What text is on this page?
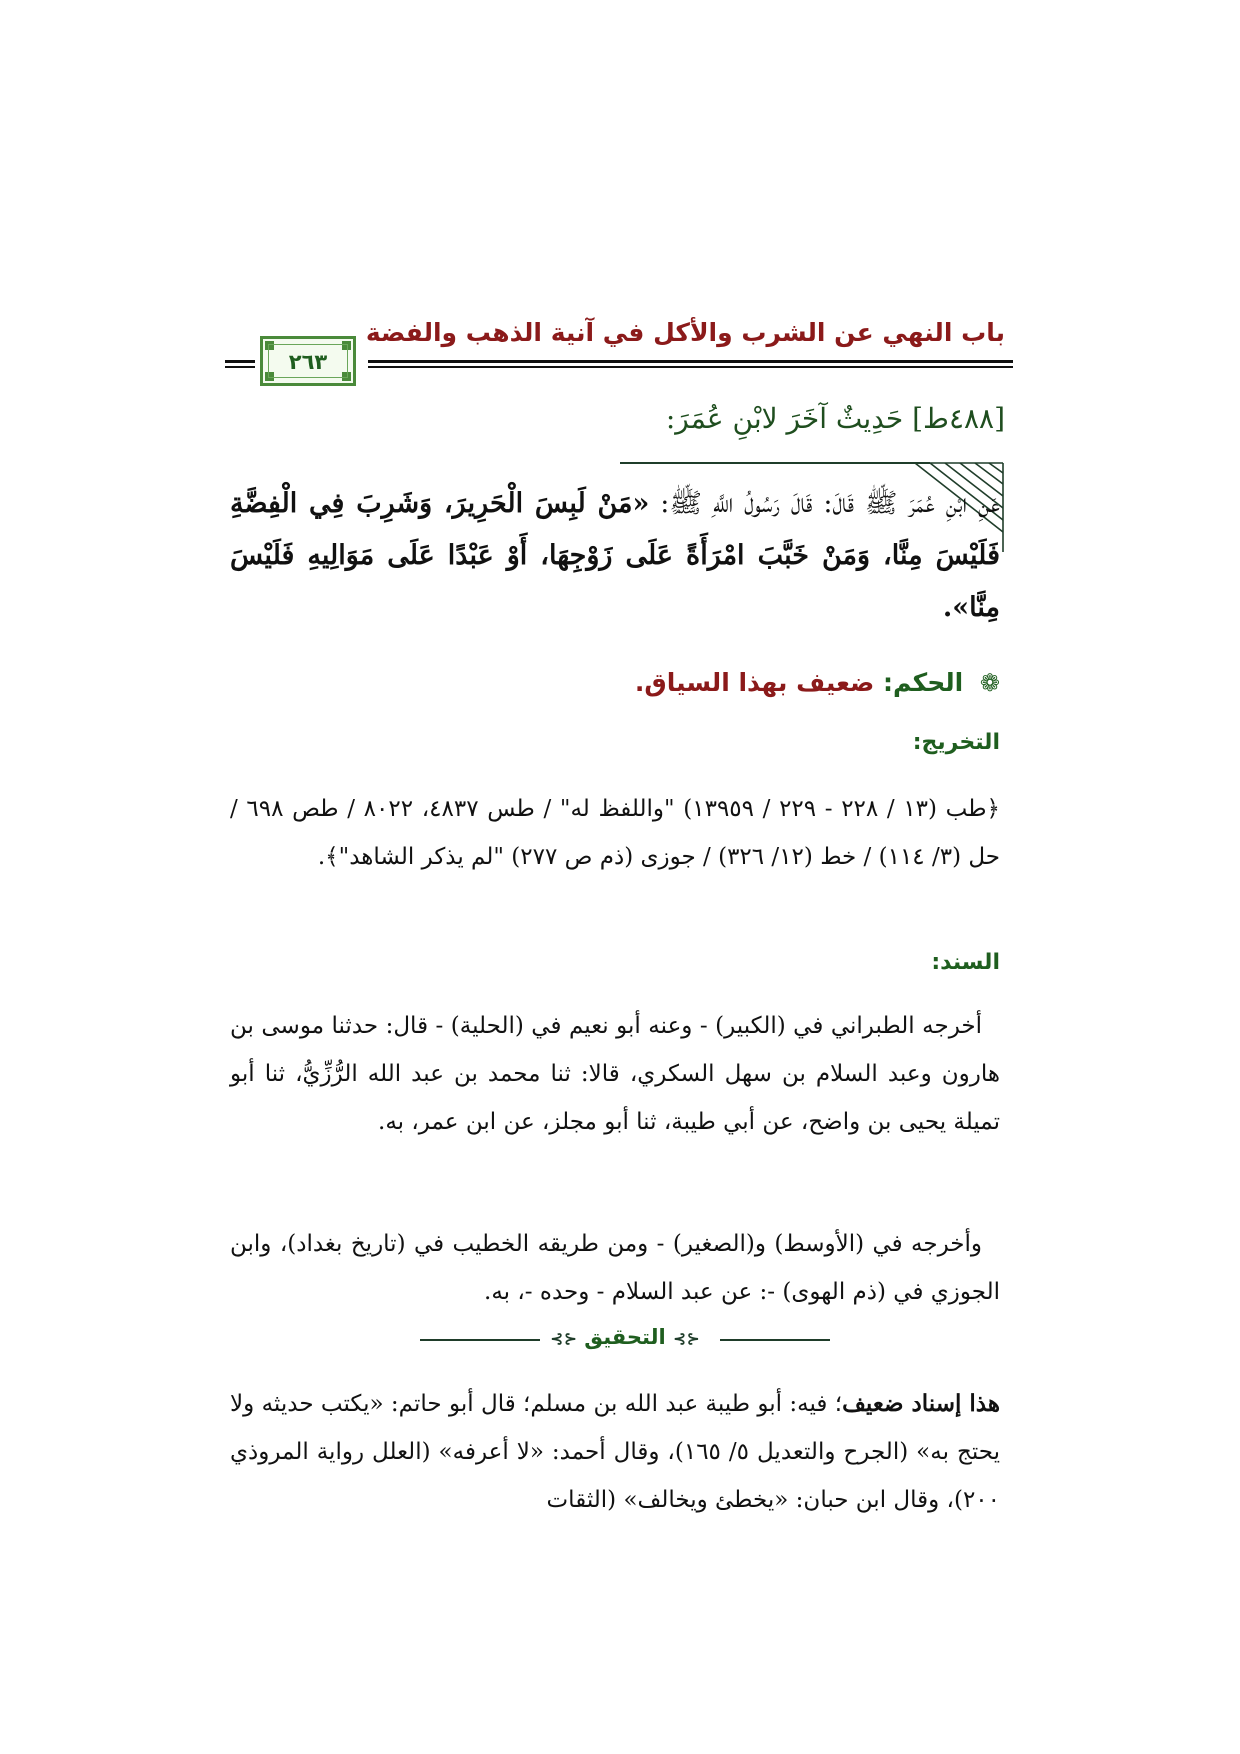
باب النهي عن الشرب والأكل في آنية الذهب والفضة
٢٦٣
[٤٨٨ط] حَدِيثٌ آخَرَ لابْنِ عُمَرَ:
عَنِ ابْنِ عُمَرَ ﷺ قَالَ: قَالَ رَسُولُ اللَّهِ ﷺ: «مَنْ لَبِسَ الْحَرِيرَ، وَشَرِبَ فِي الْفِضَّةِ فَلَيْسَ مِنَّا، وَمَنْ خَبَّبَ امْرَأَةً عَلَى زَوْجِهَا، أَوْ عَبْدًا عَلَى مَوَالِيهِ فَلَيْسَ مِنَّا».
❁ الحكم: ضعيف بهذا السياق.
التخريج:
﴿طب (١٣ / ٢٢٨ - ٢٢٩ / ١٣٩٥٩) "واللفظ له" / طس ٤٨٣٧، ٨٠٢٢ / طص ٦٩٨ / حل (٣/ ١١٤) / خط (١٢/ ٣٢٦) / جوزى (ذم ص ٢٧٧) "لم يذكر الشاهد"﴾.
السند:
أخرجه الطبراني في (الكبير) - وعنه أبو نعيم في (الحلية) - قال: حدثنا موسى بن هارون وعبد السلام بن سهل السكري، قالا: ثنا محمد بن عبد الله الرُّزِّيُّ، ثنا أبو تميلة يحيى بن واضح، عن أبي طيبة، ثنا أبو مجلز، عن ابن عمر، به.
وأخرجه في (الأوسط) و(الصغير) - ومن طريقه الخطيب في (تاريخ بغداد)، وابن الجوزي في (ذم الهوى) -: عن عبد السلام - وحده -، به.
⊰⊱ التحقيق ⊰⊱
هذا إسناد ضعيف؛ فيه: أبو طيبة عبد الله بن مسلم؛ قال أبو حاتم: «يكتب حديثه ولا يحتج به» (الجرح والتعديل ٥/ ١٦٥)، وقال أحمد: «لا أعرفه» (العلل رواية المروذي ٢٠٠)، وقال ابن حبان: «يخطئ ويخالف» (الثقات
